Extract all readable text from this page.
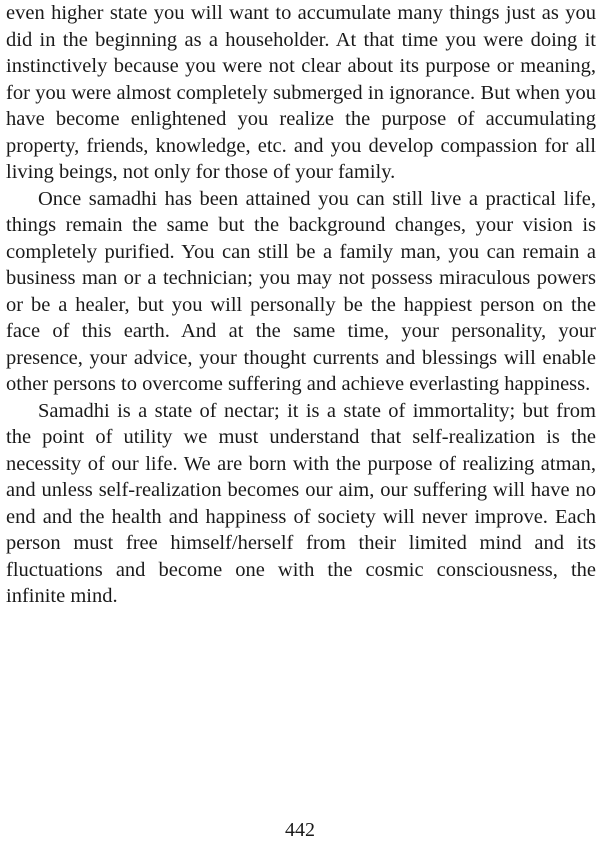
even higher state you will want to accumulate many things just as you did in the beginning as a householder. At that time you were doing it instinctively because you were not clear about its purpose or meaning, for you were almost completely submerged in ignorance. But when you have become enlightened you realize the purpose of accumulating property, friends, knowledge, etc. and you develop compassion for all living beings, not only for those of your family.

Once samadhi has been attained you can still live a practical life, things remain the same but the background changes, your vision is completely purified. You can still be a family man, you can remain a business man or a technician; you may not possess miraculous powers or be a healer, but you will personally be the happiest person on the face of this earth. And at the same time, your personality, your presence, your advice, your thought currents and blessings will enable other persons to overcome suffering and achieve everlasting happiness.

Samadhi is a state of nectar; it is a state of immortality; but from the point of utility we must understand that self-realization is the necessity of our life. We are born with the purpose of realizing atman, and unless self-realization becomes our aim, our suffering will have no end and the health and happiness of society will never improve. Each person must free himself/herself from their limited mind and its fluctuations and become one with the cosmic consciousness, the infinite mind.

442
